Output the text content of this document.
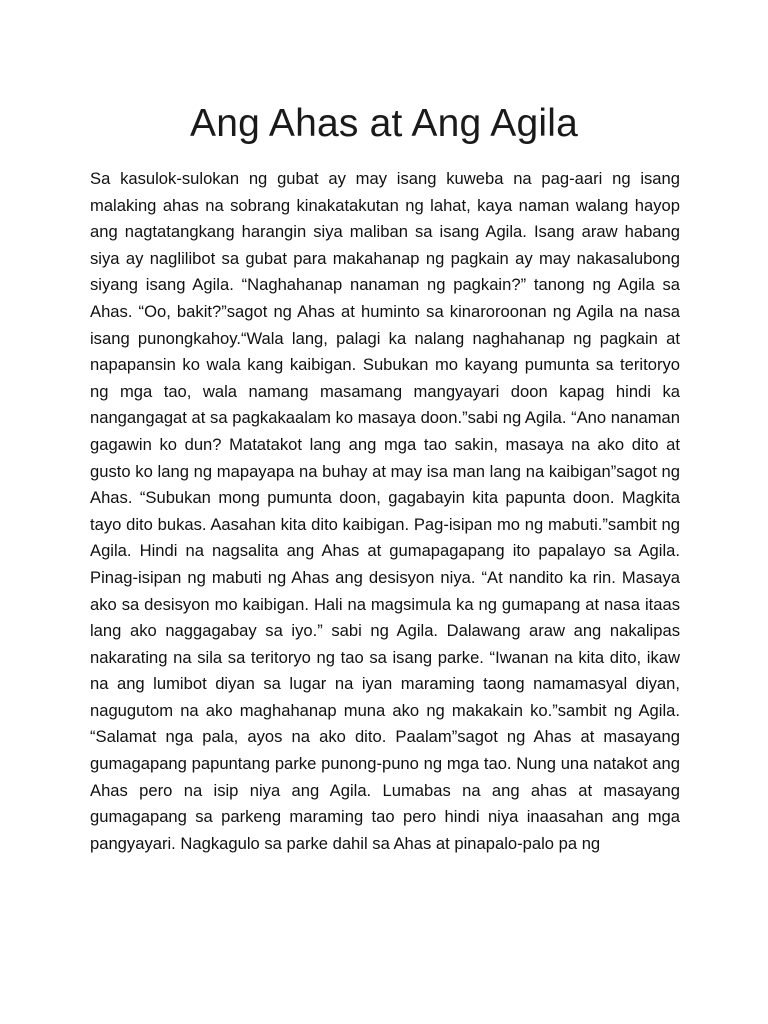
Ang Ahas at Ang Agila

Sa kasulok-sulokan ng gubat ay may isang kuweba na pag-aari ng isang malaking ahas na sobrang kinakatakutan ng lahat, kaya naman walang hayop ang nagtatangkang harangin siya maliban sa isang Agila. Isang araw habang siya ay naglilibot sa gubat para makahanap ng pagkain ay may nakasalubong siyang isang Agila. “Naghahanap nanaman ng pagkain?” tanong ng Agila sa Ahas. “Oo, bakit?”sagot ng Ahas at huminto sa kinaroroonan ng Agila na nasa isang punongkahoy.“Wala lang, palagi ka nalang naghahanap ng pagkain at napapansin ko wala kang kaibigan. Subukan mo kayang pumunta sa teritoryo ng mga tao, wala namang masamang mangyayari doon kapag hindi ka nangangagat at sa pagkakaalam ko masaya doon.”sabi ng Agila. “Ano nanaman gagawin ko dun? Matatakot lang ang mga tao sakin, masaya na ako dito at gusto ko lang ng mapayapa na buhay at may isa man lang na kaibigan”sagot ng Ahas. “Subukan mong pumunta doon, gagabayin kita papunta doon. Magkita tayo dito bukas. Aasahan kita dito kaibigan. Pag-isipan mo ng mabuti.”sambit ng Agila. Hindi na nagsalita ang Ahas at gumapagapang ito papalayo sa Agila. Pinag-isipan ng mabuti ng Ahas ang desisyon niya. “At nandito ka rin. Masaya ako sa desisyon mo kaibigan. Hali na magsimula ka ng gumapang at nasa itaas lang ako naggagabay sa iyo.” sabi ng Agila. Dalawang araw ang nakalipas nakarating na sila sa teritoryo ng tao sa isang parke. “Iwanan na kita dito, ikaw na ang lumibot diyan sa lugar na iyan maraming taong namamasyal diyan, nagugutom na ako maghahanap muna ako ng makakain ko.”sambit ng Agila. “Salamat nga pala, ayos na ako dito. Paalam”sagot ng Ahas at masayang gumagapang papuntang parke punong-puno ng mga tao. Nung una natakot ang Ahas pero na isip niya ang Agila. Lumabas na ang ahas at masayang gumagapang sa parkeng maraming tao pero hindi niya inaasahan ang mga pangyayari. Nagkagulo sa parke dahil sa Ahas at pinapalo-palo pa ng
